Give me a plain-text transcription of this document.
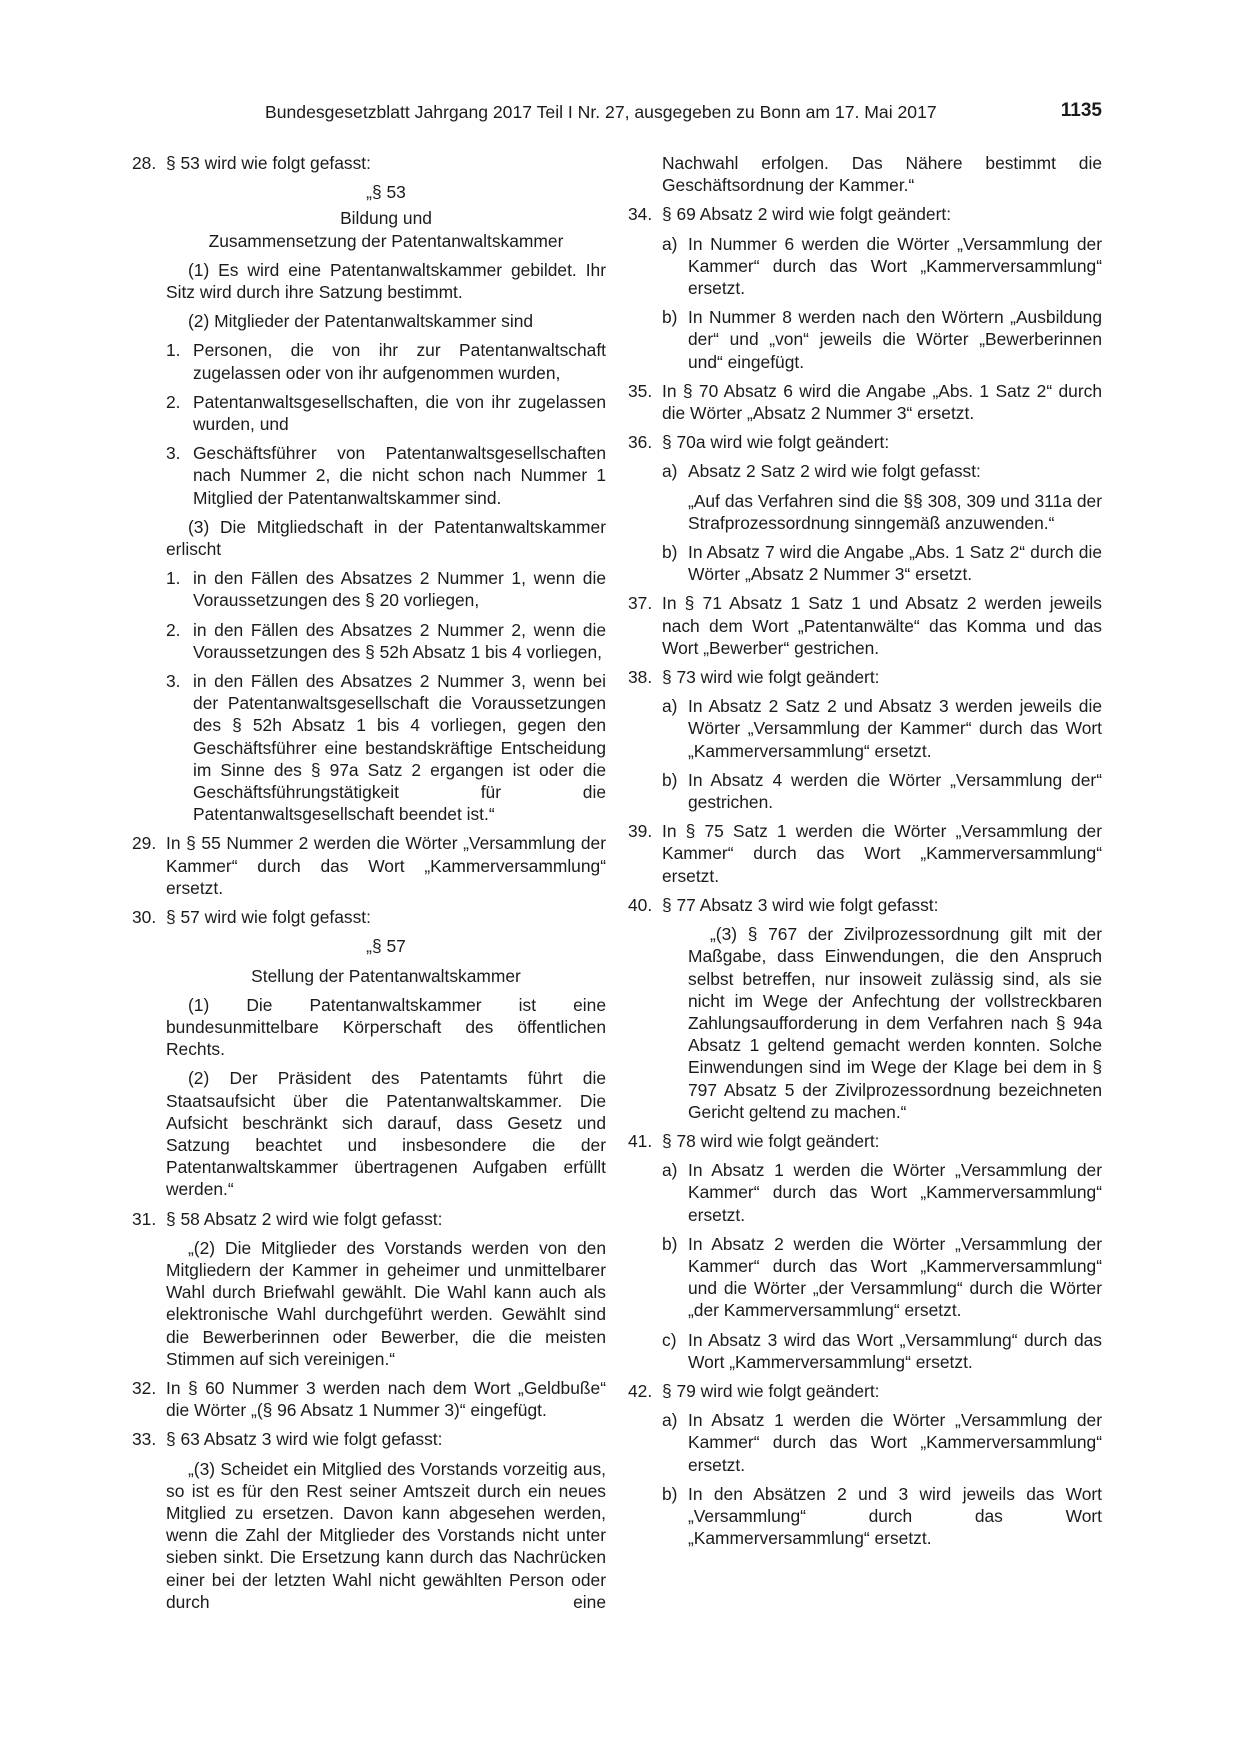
Bundesgesetzblatt Jahrgang 2017 Teil I Nr. 27, ausgegeben zu Bonn am 17. Mai 2017	1135
28. § 53 wird wie folgt gefasst:
„§ 53
Bildung und
Zusammensetzung der Patentanwaltskammer
(1) Es wird eine Patentanwaltskammer gebildet. Ihr Sitz wird durch ihre Satzung bestimmt.
(2) Mitglieder der Patentanwaltskammer sind
1. Personen, die von ihr zur Patentanwaltschaft zugelassen oder von ihr aufgenommen wurden,
2. Patentanwaltsgesellschaften, die von ihr zugelassen wurden, und
3. Geschäftsführer von Patentanwaltsgesellschaften nach Nummer 2, die nicht schon nach Nummer 1 Mitglied der Patentanwaltskammer sind.
(3) Die Mitgliedschaft in der Patentanwaltskammer erlischt
1. in den Fällen des Absatzes 2 Nummer 1, wenn die Voraussetzungen des § 20 vorliegen,
2. in den Fällen des Absatzes 2 Nummer 2, wenn die Voraussetzungen des § 52h Absatz 1 bis 4 vorliegen,
3. in den Fällen des Absatzes 2 Nummer 3, wenn bei der Patentanwaltsgesellschaft die Voraussetzungen des § 52h Absatz 1 bis 4 vorliegen, gegen den Geschäftsführer eine bestandskräftige Entscheidung im Sinne des § 97a Satz 2 ergangen ist oder die Geschäftsführungstätigkeit für die Patentanwaltsgesellschaft beendet ist.“
29. In § 55 Nummer 2 werden die Wörter „Versammlung der Kammer“ durch das Wort „Kammerversammlung“ ersetzt.
30. § 57 wird wie folgt gefasst:
„§ 57
Stellung der Patentanwaltskammer
(1) Die Patentanwaltskammer ist eine bundesunmittelbare Körperschaft des öffentlichen Rechts.
(2) Der Präsident des Patentamts führt die Staatsaufsicht über die Patentanwaltskammer. Die Aufsicht beschränkt sich darauf, dass Gesetz und Satzung beachtet und insbesondere die der Patentanwaltskammer übertragenen Aufgaben erfüllt werden.“
31. § 58 Absatz 2 wird wie folgt gefasst:
„(2) Die Mitglieder des Vorstands werden von den Mitgliedern der Kammer in geheimer und unmittelbarer Wahl durch Briefwahl gewählt. Die Wahl kann auch als elektronische Wahl durchgeführt werden. Gewählt sind die Bewerberinnen oder Bewerber, die die meisten Stimmen auf sich vereinigen.“
32. In § 60 Nummer 3 werden nach dem Wort „Geldbuße“ die Wörter „(§ 96 Absatz 1 Nummer 3)“ eingefügt.
33. § 63 Absatz 3 wird wie folgt gefasst:
„(3) Scheidet ein Mitglied des Vorstands vorzeitig aus, so ist es für den Rest seiner Amtszeit durch ein neues Mitglied zu ersetzen. Davon kann abgesehen werden, wenn die Zahl der Mitglieder des Vorstands nicht unter sieben sinkt. Die Ersetzung kann durch das Nachrücken einer bei der letzten Wahl nicht gewählten Person oder durch eine
Nachwahl erfolgen. Das Nähere bestimmt die Geschäftsordnung der Kammer.“
34. § 69 Absatz 2 wird wie folgt geändert:
a) In Nummer 6 werden die Wörter „Versammlung der Kammer“ durch das Wort „Kammerversammlung“ ersetzt.
b) In Nummer 8 werden nach den Wörtern „Ausbildung der“ und „von“ jeweils die Wörter „Bewerberinnen und“ eingefügt.
35. In § 70 Absatz 6 wird die Angabe „Abs. 1 Satz 2“ durch die Wörter „Absatz 2 Nummer 3“ ersetzt.
36. § 70a wird wie folgt geändert:
a) Absatz 2 Satz 2 wird wie folgt gefasst:
„Auf das Verfahren sind die §§ 308, 309 und 311a der Strafprozessordnung sinngemäß anzuwenden.“
b) In Absatz 7 wird die Angabe „Abs. 1 Satz 2“ durch die Wörter „Absatz 2 Nummer 3“ ersetzt.
37. In § 71 Absatz 1 Satz 1 und Absatz 2 werden jeweils nach dem Wort „Patentanwälte“ das Komma und das Wort „Bewerber“ gestrichen.
38. § 73 wird wie folgt geändert:
a) In Absatz 2 Satz 2 und Absatz 3 werden jeweils die Wörter „Versammlung der Kammer“ durch das Wort „Kammerversammlung“ ersetzt.
b) In Absatz 4 werden die Wörter „Versammlung der“ gestrichen.
39. In § 75 Satz 1 werden die Wörter „Versammlung der Kammer“ durch das Wort „Kammerversammlung“ ersetzt.
40. § 77 Absatz 3 wird wie folgt gefasst:
„(3) § 767 der Zivilprozessordnung gilt mit der Maßgabe, dass Einwendungen, die den Anspruch selbst betreffen, nur insoweit zulässig sind, als sie nicht im Wege der Anfechtung der vollstreckbaren Zahlungsaufforderung in dem Verfahren nach § 94a Absatz 1 geltend gemacht werden konnten. Solche Einwendungen sind im Wege der Klage bei dem in § 797 Absatz 5 der Zivilprozessordnung bezeichneten Gericht geltend zu machen.“
41. § 78 wird wie folgt geändert:
a) In Absatz 1 werden die Wörter „Versammlung der Kammer“ durch das Wort „Kammerversammlung“ ersetzt.
b) In Absatz 2 werden die Wörter „Versammlung der Kammer“ durch das Wort „Kammerversammlung“ und die Wörter „der Versammlung“ durch die Wörter „der Kammerversammlung“ ersetzt.
c) In Absatz 3 wird das Wort „Versammlung“ durch das Wort „Kammerversammlung“ ersetzt.
42. § 79 wird wie folgt geändert:
a) In Absatz 1 werden die Wörter „Versammlung der Kammer“ durch das Wort „Kammerversammlung“ ersetzt.
b) In den Absätzen 2 und 3 wird jeweils das Wort „Versammlung“ durch das Wort „Kammerversammlung“ ersetzt.
